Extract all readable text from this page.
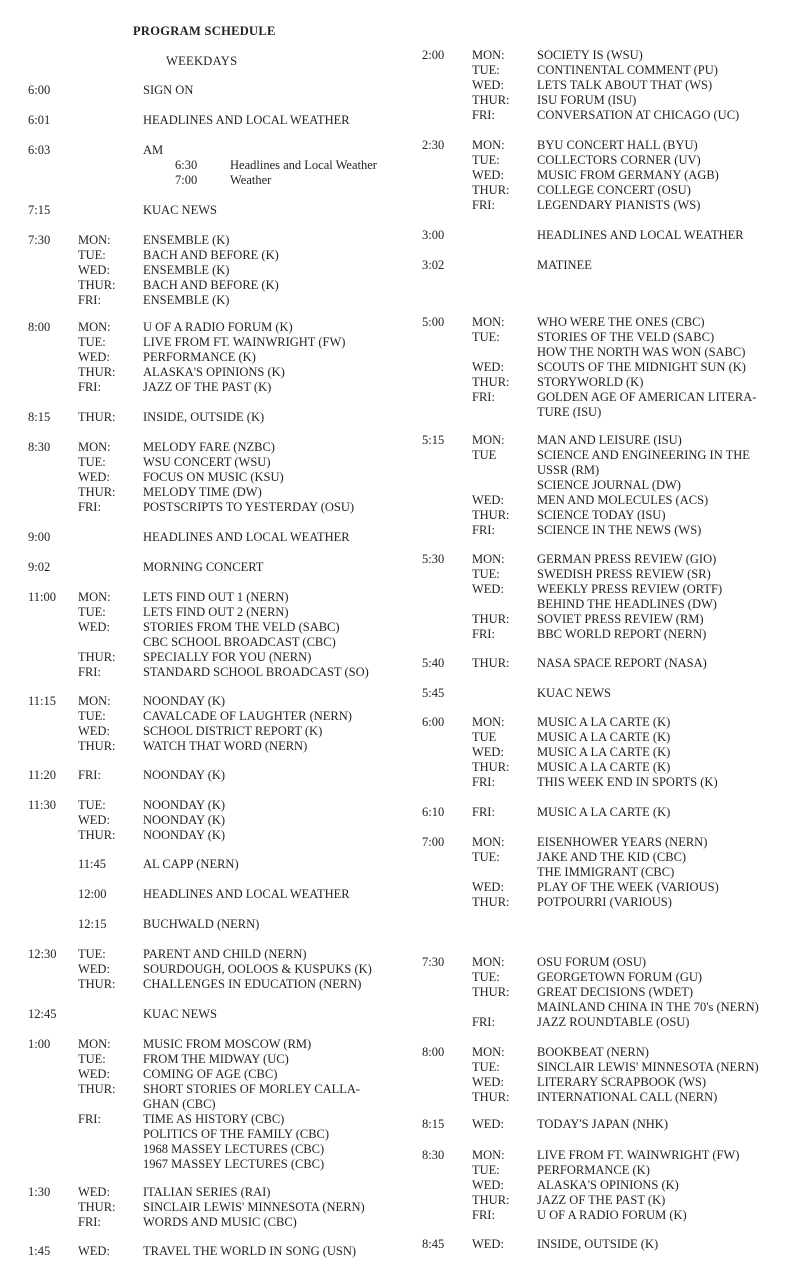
PROGRAM SCHEDULE
WEEKDAYS
6:00	SIGN ON
6:01	HEADLINES AND LOCAL WEATHER
6:03	AM
6:30	Headlines and Local Weather
7:00	Weather
7:15	KUAC NEWS
7:30 MON:	ENSEMBLE (K)
TUE:	BACH AND BEFORE (K)
WED:	ENSEMBLE (K)
THUR:	BACH AND BEFORE (K)
FRI:	ENSEMBLE (K)
8:00 MON:	U OF A RADIO FORUM (K)
TUE:	LIVE FROM FT. WAINWRIGHT (FW)
WED:	PERFORMANCE (K)
THUR:	ALASKA'S OPINIONS (K)
FRI:	JAZZ OF THE PAST (K)
8:15 THUR:	INSIDE, OUTSIDE (K)
8:30 MON:	MELODY FARE (NZBC)
TUE:	WSU CONCERT (WSU)
WED:	FOCUS ON MUSIC (KSU)
THUR:	MELODY TIME (DW)
FRI:	POSTSCRIPTS TO YESTERDAY (OSU)
9:00	HEADLINES AND LOCAL WEATHER
9:02	MORNING CONCERT
11:00 MON:	LETS FIND OUT 1 (NERN)
TUE:	LETS FIND OUT 2 (NERN)
WED:	STORIES FROM THE VELD (SABC)
CBC SCHOOL BROADCAST (CBC)
THUR:	SPECIALLY FOR YOU (NERN)
FRI:	STANDARD SCHOOL BROADCAST (SO)
11:15 MON:	NOONDAY (K)
TUE:	CAVALCADE OF LAUGHTER (NERN)
WED:	SCHOOL DISTRICT REPORT (K)
THUR:	WATCH THAT WORD (NERN)
11:20 FRI:	NOONDAY (K)
11:30 TUE:	NOONDAY (K)
WED:	NOONDAY (K)
THUR:	NOONDAY (K)
11:45	AL CAPP (NERN)
12:00	HEADLINES AND LOCAL WEATHER
12:15	BUCHWALD (NERN)
12:30 TUE:	PARENT AND CHILD (NERN)
WED:	SOURDOUGH, OOLOOS & KUSPUKS (K)
THUR:	CHALLENGES IN EDUCATION (NERN)
12:45	KUAC NEWS
1:00 MON:	MUSIC FROM MOSCOW (RM)
TUE:	FROM THE MIDWAY (UC)
WED:	COMING OF AGE (CBC)
THUR:	SHORT STORIES OF MORLEY CALLA-
GHAN (CBC)
FRI:	TIME AS HISTORY (CBC)
POLITICS OF THE FAMILY (CBC)
1968 MASSEY LECTURES (CBC)
1967 MASSEY LECTURES (CBC)
1:30 WED:	ITALIAN SERIES (RAI)
THUR:	SINCLAIR LEWIS' MINNESOTA (NERN)
FRI:	WORDS AND MUSIC (CBC)
1:45 WED:	TRAVEL THE WORLD IN SONG (USN)
2:00 MON:	SOCIETY IS (WSU)
TUE:	CONTINENTAL COMMENT (PU)
WED:	LETS TALK ABOUT THAT (WS)
THUR:	ISU FORUM (ISU)
FRI:	CONVERSATION AT CHICAGO (UC)
2:30 MON:	BYU CONCERT HALL (BYU)
TUE:	COLLECTORS CORNER (UV)
WED:	MUSIC FROM GERMANY (AGB)
THUR:	COLLEGE CONCERT (OSU)
FRI:	LEGENDARY PIANISTS (WS)
3:00	HEADLINES AND LOCAL WEATHER
3:02	MATINEE
5:00 MON:	WHO WERE THE ONES (CBC)
TUE:	STORIES OF THE VELD (SABC)
HOW THE NORTH WAS WON (SABC)
WED:	SCOUTS OF THE MIDNIGHT SUN (K)
THUR:	STORYWORLD (K)
FRI:	GOLDEN AGE OF AMERICAN LITERA-
TURE (ISU)
5:15 MON:	MAN AND LEISURE (ISU)
TUE	SCIENCE AND ENGINEERING IN THE
USSR (RM)
SCIENCE JOURNAL (DW)
WED:	MEN AND MOLECULES (ACS)
THUR:	SCIENCE TODAY (ISU)
FRI:	SCIENCE IN THE NEWS (WS)
5:30 MON:	GERMAN PRESS REVIEW (GIO)
TUE:	SWEDISH PRESS REVIEW (SR)
WED:	WEEKLY PRESS REVIEW (ORTF)
BEHIND THE HEADLINES (DW)
THUR:	SOVIET PRESS REVIEW (RM)
FRI:	BBC WORLD REPORT (NERN)
5:40 THUR:	NASA SPACE REPORT (NASA)
5:45	KUAC NEWS
6:00 MON:	MUSIC A LA CARTE (K)
TUE	MUSIC A LA CARTE (K)
WED:	MUSIC A LA CARTE (K)
THUR:	MUSIC A LA CARTE (K)
FRI:	THIS WEEK END IN SPORTS (K)
6:10 FRI:	MUSIC A LA CARTE (K)
7:00 MON:	EISENHOWER YEARS (NERN)
TUE:	JAKE AND THE KID (CBC)
THE IMMIGRANT (CBC)
WED:	PLAY OF THE WEEK (VARIOUS)
THUR:	POTPOURRI (VARIOUS)
7:30 MON:	OSU FORUM (OSU)
TUE:	GEORGETOWN FORUM (GU)
THUR:	GREAT DECISIONS (WDET)
MAINLAND CHINA IN THE 70's (NERN)
FRI:	JAZZ ROUNDTABLE (OSU)
8:00 MON:	BOOKBEAT (NERN)
TUE:	SINCLAIR LEWIS' MINNESOTA (NERN)
WED:	LITERARY SCRAPBOOK (WS)
THUR:	INTERNATIONAL CALL (NERN)
8:15 WED:	TODAY'S JAPAN (NHK)
8:30 MON:	LIVE FROM FT. WAINWRIGHT (FW)
TUE:	PERFORMANCE (K)
WED:	ALASKA'S OPINIONS (K)
THUR:	JAZZ OF THE PAST (K)
FRI:	U OF A RADIO FORUM (K)
8:45 WED:	INSIDE, OUTSIDE (K)
